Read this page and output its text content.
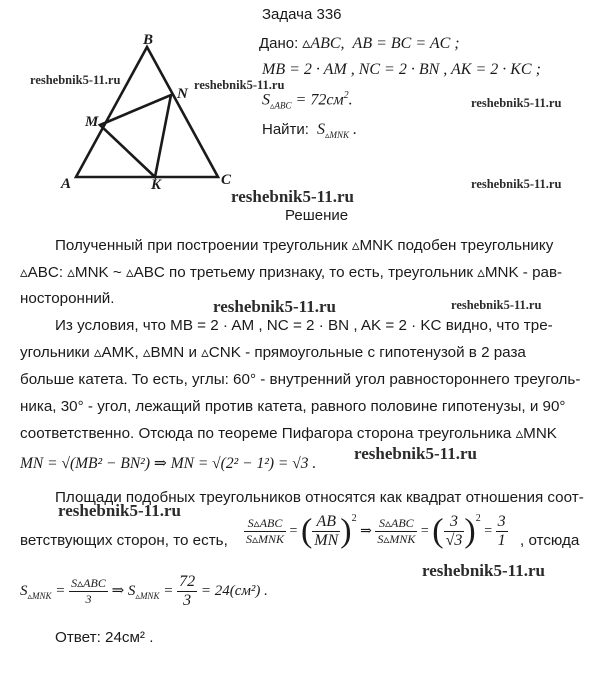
Задача 336
Дано: ▵ABC,  AB = BC = AC ;
MB = 2 · AM , NC = 2 · BN , AK = 2 · KC ;
$S_{▵ABC} = 72см^2$.
Найти:  $S_{▵MNK}$ .
B
A	C
M
N
K
reshebnik5-11.ru	reshebnik5-11.ru
reshebnik5-11.ru
reshebnik5-11.ru
reshebnik5-11.ru
reshebnik5-11.ru	reshebnik5-11.ru
reshebnik5-11.ru
reshebnik5-11.ru
reshebnik5-11.ru
Решение
Полученный при построении треугольник ▵MNK подобен треугольнику
▵ABC: ▵MNK ~ ▵ABC по третьему признаку, то есть, треугольник ▵MNK - рав-
носторонний.
Из условия, что MB = 2 · AM , NC = 2 · BN , AK = 2 · KC видно, что тре-
угольники ▵AMK, ▵BMN и ▵CNK - прямоугольные с гипотенузой в 2 раза
больше катета. То есть, углы: 60° - внутренний угол равностороннего треуголь-
ника, 30° - угол, лежащий против катета, равного половине гипотенузы, и 90°
соответственно. Отсюда по теореме Пифагора сторона треугольника ▵MNK
MN = √(MB² − BN²) ⇒ MN = √(2² − 1²) = √3 .
Площади подобных треугольников относятся как квадрат отношения соот-
ветствующих сторон, то есть, $\frac{\text{S▵ABC}}{\text{S▵MNK}}$ = ( $\frac{AB}{MN} )^2$ ⇒ $\frac{\text{S▵ABC}}{\text{S▵MNK}}$ = ( $\frac{3}{√3} )^2 = \frac{3}{1}$ , отсюда
$S_{▵MNK} = \frac{\text{S▵ABC}}{3}$ ⇒ $S_{▵MNK} = \frac{72}{3} = 24(см^2)$ .
Ответ: 24см² .
